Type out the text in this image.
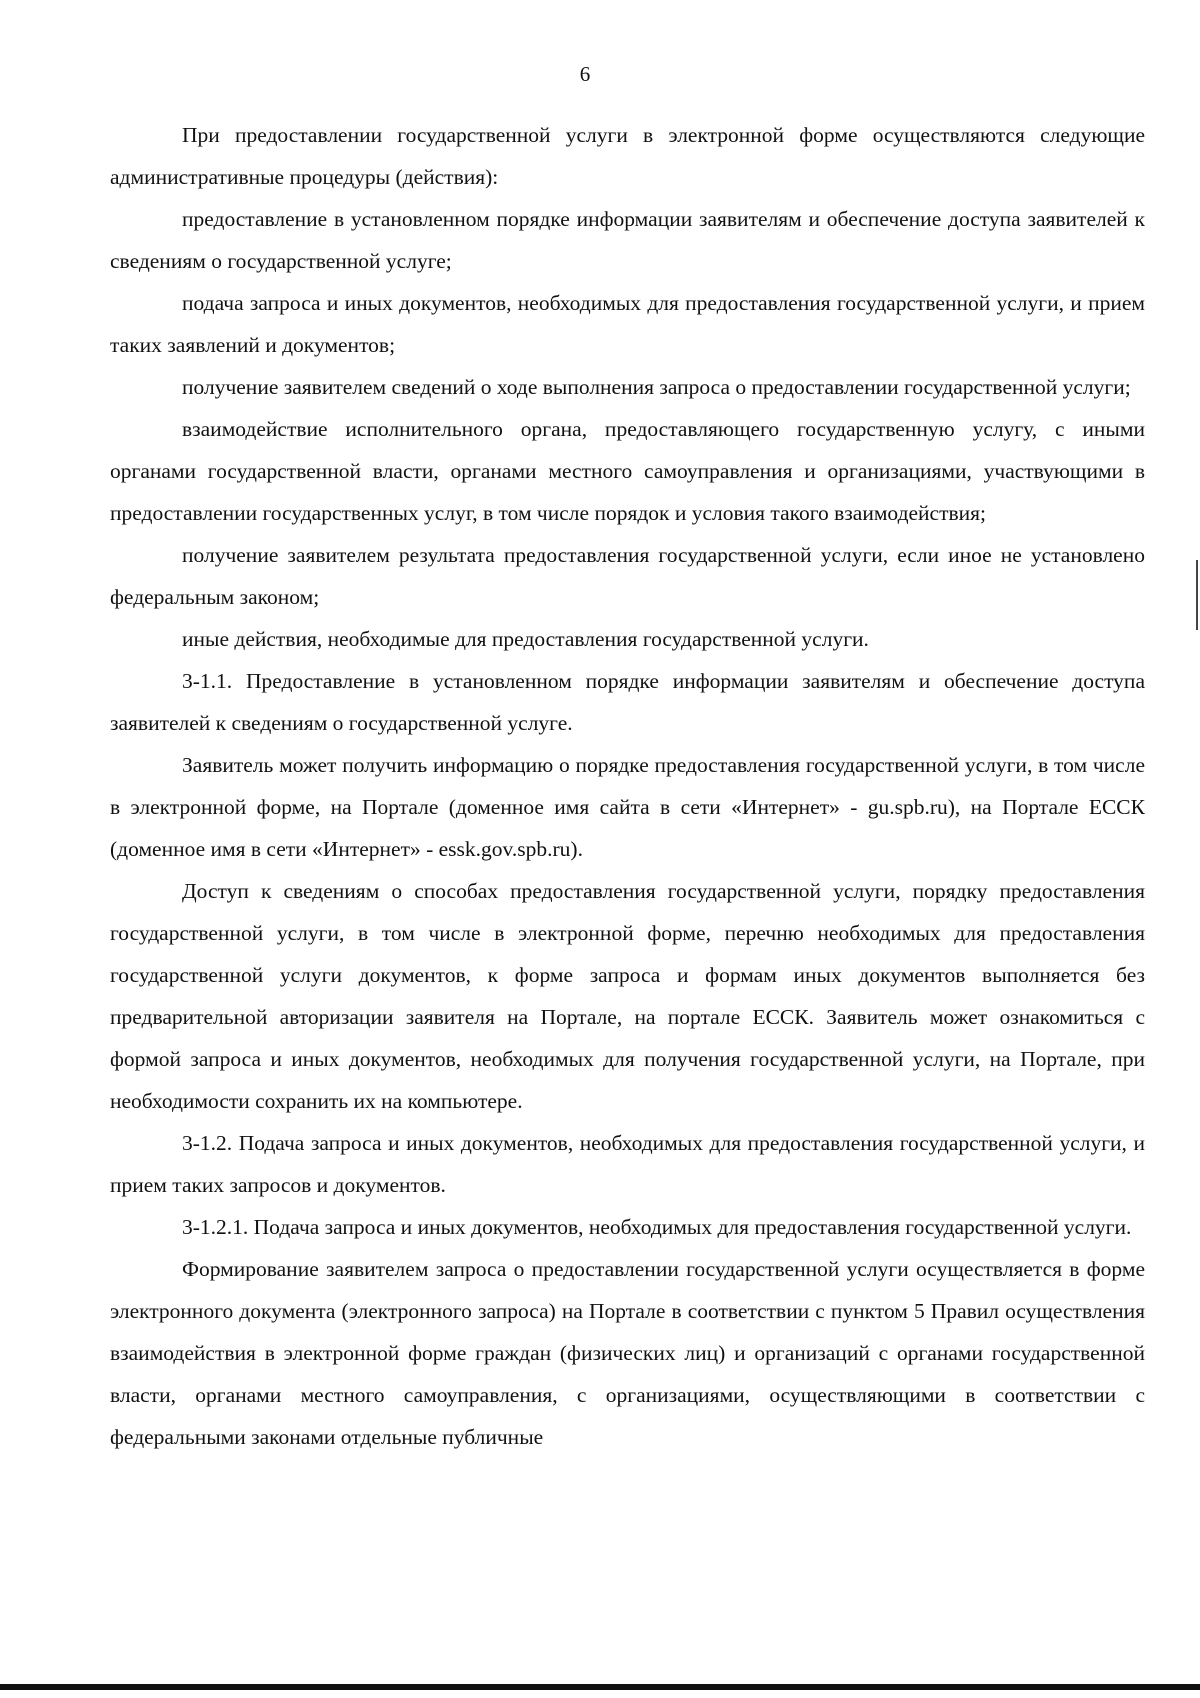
6

При предоставлении государственной услуги в электронной форме осуществляются следующие административные процедуры (действия):

предоставление в установленном порядке информации заявителям и обеспечение доступа заявителей к сведениям о государственной услуге;

подача запроса и иных документов, необходимых для предоставления государственной услуги, и прием таких заявлений и документов;

получение заявителем сведений о ходе выполнения запроса о предоставлении государственной услуги;

взаимодействие исполнительного органа, предоставляющего государственную услугу, с иными органами государственной власти, органами местного самоуправления и организациями, участвующими в предоставлении государственных услуг, в том числе порядок и условия такого взаимодействия;

получение заявителем результата предоставления государственной услуги, если иное не установлено федеральным законом;

иные действия, необходимые для предоставления государственной услуги.

3-1.1. Предоставление в установленном порядке информации заявителям и обеспечение доступа заявителей к сведениям о государственной услуге.

Заявитель может получить информацию о порядке предоставления государственной услуги, в том числе в электронной форме, на Портале (доменное имя сайта в сети «Интернет» - gu.spb.ru), на Портале ЕССК (доменное имя в сети «Интернет» - essk.gov.spb.ru).

Доступ к сведениям о способах предоставления государственной услуги, порядку предоставления государственной услуги, в том числе в электронной форме, перечню необходимых для предоставления государственной услуги документов, к форме запроса и формам иных документов выполняется без предварительной авторизации заявителя на Портале, на портале ЕССК. Заявитель может ознакомиться с формой запроса и иных документов, необходимых для получения государственной услуги, на Портале, при необходимости сохранить их на компьютере.

3-1.2. Подача запроса и иных документов, необходимых для предоставления государственной услуги, и прием таких запросов и документов.

3-1.2.1. Подача запроса и иных документов, необходимых для предоставления государственной услуги.

Формирование заявителем запроса о предоставлении государственной услуги осуществляется в форме электронного документа (электронного запроса) на Портале в соответствии с пунктом 5 Правил осуществления взаимодействия в электронной форме граждан (физических лиц) и организаций с органами государственной власти, органами местного самоуправления, с организациями, осуществляющими в соответствии с федеральными законами отдельные публичные
